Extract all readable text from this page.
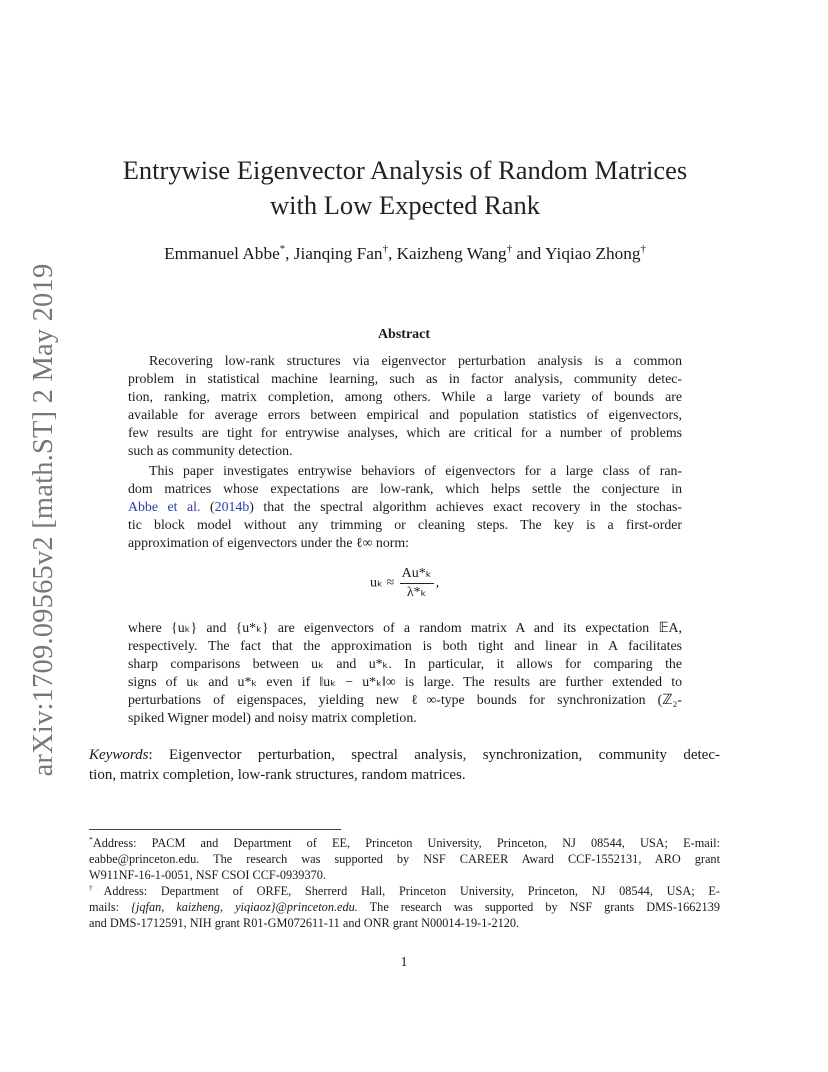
arXiv:1709.09565v2 [math.ST] 2 May 2019
Entrywise Eigenvector Analysis of Random Matrices
with Low Expected Rank
Emmanuel Abbe*, Jianqing Fan†, Kaizheng Wang† and Yiqiao Zhong†
Abstract
Recovering low-rank structures via eigenvector perturbation analysis is a common
problem in statistical machine learning, such as in factor analysis, community detec-
tion, ranking, matrix completion, among others. While a large variety of bounds are
available for average errors between empirical and population statistics of eigenvectors,
few results are tight for entrywise analyses, which are critical for a number of problems
such as community detection.
This paper investigates entrywise behaviors of eigenvectors for a large class of ran-
dom matrices whose expectations are low-rank, which helps settle the conjecture in
Abbe et al. (2014b) that the spectral algorithm achieves exact recovery in the stochas-
tic block model without any trimming or cleaning steps. The key is a first-order
approximation of eigenvectors under the ℓ∞ norm:
$u_k \approx \frac{\text{Au*ₖ}}{\text{λ*ₖ}}$ ,
where {uₖ} and {u*ₖ} are eigenvectors of a random matrix A and its expectation 𝔼A,
respectively. The fact that the approximation is both tight and linear in A facilitates
sharp comparisons between uₖ and u*ₖ. In particular, it allows for comparing the
signs of uₖ and u*ₖ even if ‖uₖ − u*ₖ‖∞ is large. The results are further extended to
perturbations of eigenspaces, yielding new ℓ∞-type bounds for synchronization (ℤ₂-
spiked Wigner model) and noisy matrix completion.
Keywords: Eigenvector perturbation, spectral analysis, synchronization, community detec-
tion, matrix completion, low-rank structures, random matrices.
*Address: PACM and Department of EE, Princeton University, Princeton, NJ 08544, USA; E-mail:
eabbe@princeton.edu. The research was supported by NSF CAREER Award CCF-1552131, ARO grant
W911NF-16-1-0051, NSF CSOI CCF-0939370.
†Address: Department of ORFE, Sherrerd Hall, Princeton University, Princeton, NJ 08544, USA; E-
mails: {jqfan, kaizheng, yiqiaoz}@princeton.edu. The research was supported by NSF grants DMS-1662139
and DMS-1712591, NIH grant R01-GM072611-11 and ONR grant N00014-19-1-2120.
1
